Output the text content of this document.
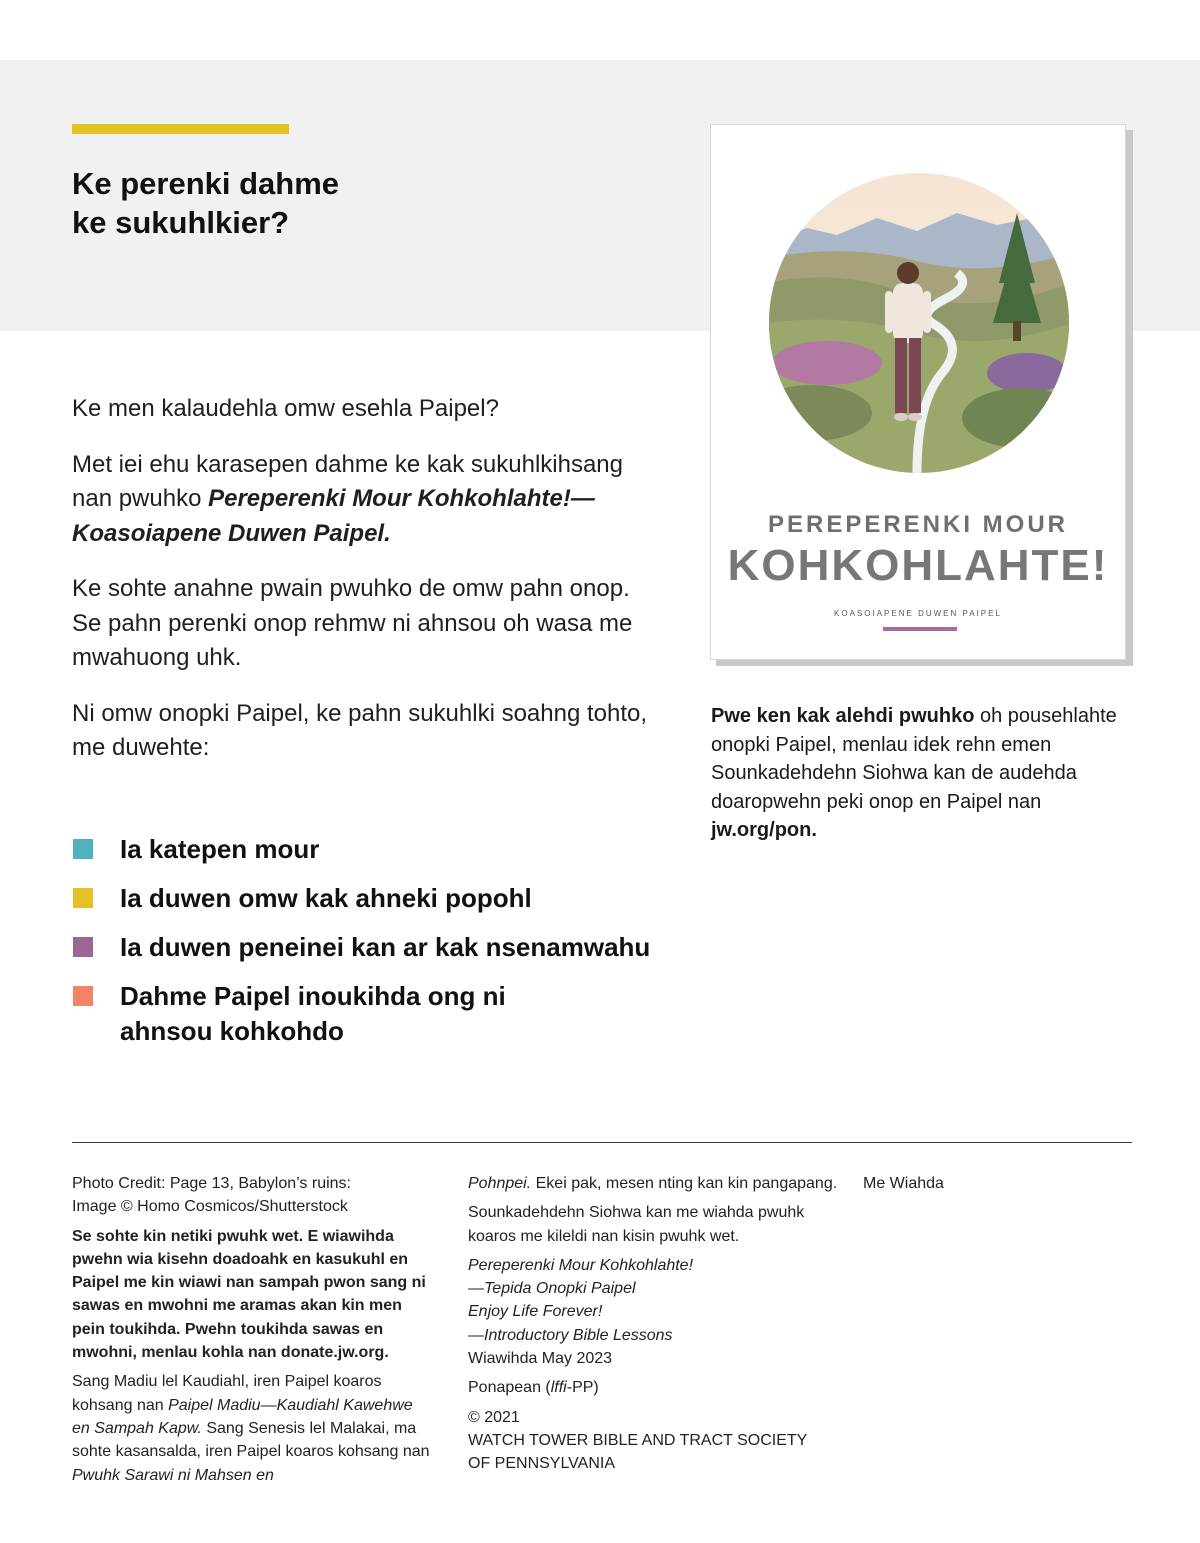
Ke perenki dahme
ke sukuhlkier?

Ke men kalaudehla omw esehla Paipel?

Met iei ehu karasepen dahme ke kak sukuhlkihsang nan pwuhko Pereperenki Mour Kohkohlahte!—Koasoiapene Duwen Paipel.

Ke sohte anahne pwain pwuhko de omw pahn onop. Se pahn perenki onop rehmw ni ahnsou oh wasa me mwahuong uhk.

Ni omw onopki Paipel, ke pahn sukuhlki soahng tohto, me duwehte:

Ia katepen mour
Ia duwen omw kak ahneki popohl
Ia duwen peneinei kan ar kak nsenamwahu
Dahme Paipel inoukihda ong ni
ahnsou kohkohdo
PEREPERENKI MOUR
KOHKOHLAHTE!
KOASOIAPENE DUWEN PAIPEL
Pwe ken kak alehdi pwuhko oh pousehlahte onopki Paipel, menlau idek rehn emen Sounkadehdehn Siohwa kan de audehda doaropwehn peki onop en Paipel nan jw.org/pon.

Photo Credit: Page 13, Babylon’s ruins:
Image © Homo Cosmicos/Shutterstock

Se sohte kin netiki pwuhk wet. E wiawihda pwehn wia kisehn doadoahk en kasukuhl en Paipel me kin wiawi nan sampah pwon sang ni sawas en mwohni me aramas akan kin men pein toukihda. Pwehn toukihda sawas en mwohni, menlau kohla nan donate.jw.org.

Sang Madiu lel Kaudiahl, iren Paipel koaros kohsang nan Paipel Madiu—Kaudiahl Kawehwe en Sampah Kapw. Sang Senesis lel Malakai, ma sohte kasansalda, iren Paipel koaros kohsang nan Pwuhk Sarawi ni Mahsen en

Pohnpei. Ekei pak, mesen nting kan kin pangapang.

Sounkadehdehn Siohwa kan me wiahda pwuhk koaros me kileldi nan kisin pwuhk wet.

Pereperenki Mour Kohkohlahte!
—Tepida Onopki Paipel
Enjoy Life Forever!
—Introductory Bible Lessons
Wiawihda May 2023

Ponapean (lffi-PP)

© 2021
WATCH TOWER BIBLE AND TRACT SOCIETY
OF PENNSYLVANIA

Me Wiahda
